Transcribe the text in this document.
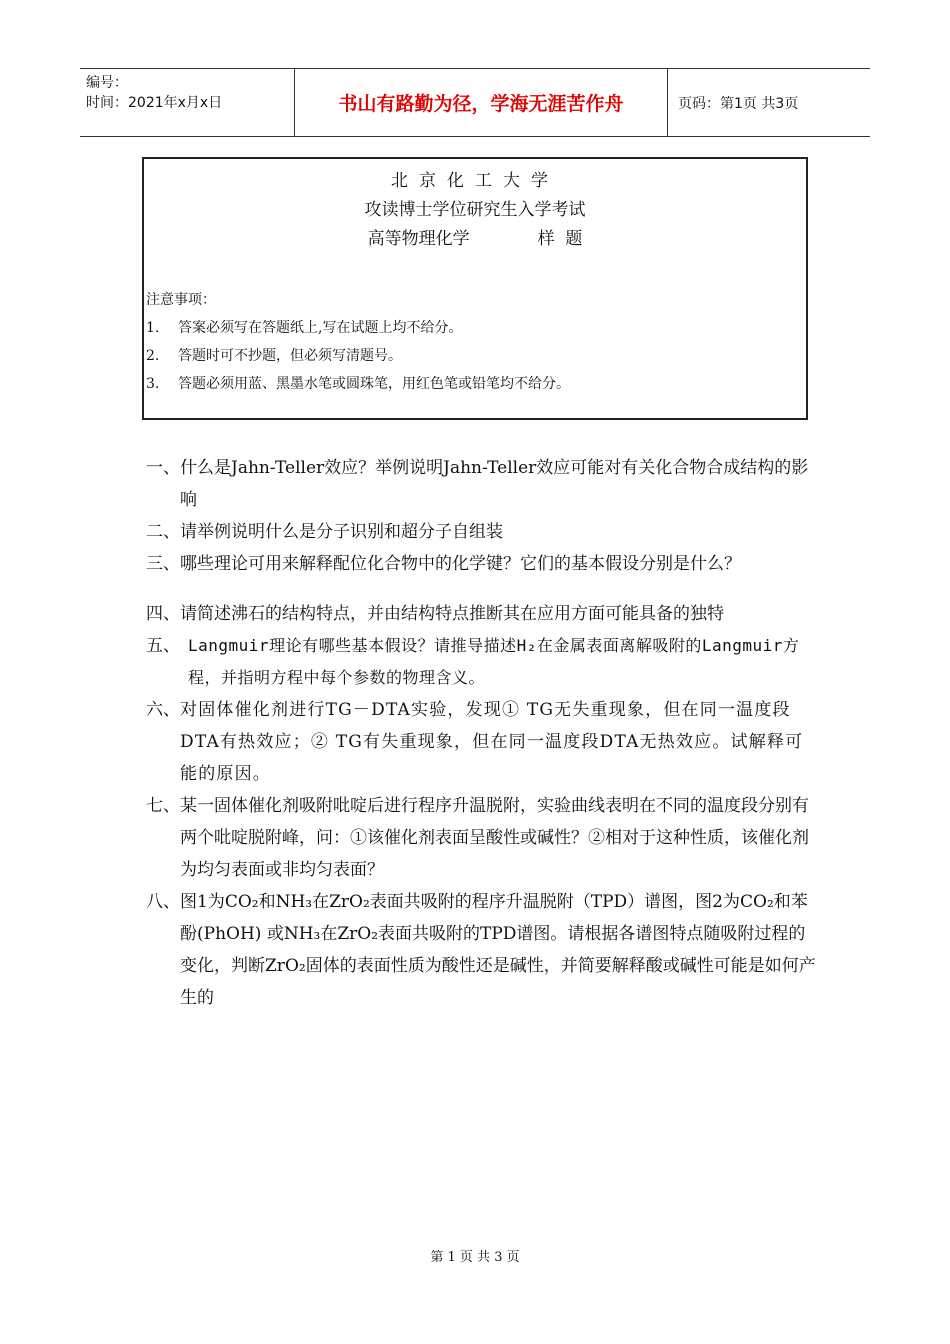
编号：
时间：2021年x月x日	书山有路勤为径，学海无涯苦作舟	页码：第1页 共3页
北京化工大学
攻读博士学位研究生入学考试
高等物理化学　　　　样  题
注意事项：
1.	答案必须写在答题纸上,写在试题上均不给分。
2.	答题时可不抄题，但必须写清题号。
3.	答题必须用蓝、黑墨水笔或圆珠笔，用红色笔或铅笔均不给分。
一、 什么是Jahn-Teller效应？举例说明Jahn-Teller效应可能对有关化合物合成结构的影响
二、 请举例说明什么是分子识别和超分子自组装
三、 哪些理论可用来解释配位化合物中的化学键？它们的基本假设分别是什么？
四、 请简述沸石的结构特点，并由结构特点推断其在应用方面可能具备的独特
五、 Langmuir理论有哪些基本假设？请推导描述H₂在金属表面离解吸附的Langmuir方程，并指明方程中每个参数的物理含义。
六、 对固体催化剂进行TG－DTA实验，发现① TG无失重现象，但在同一温度段DTA有热效应；② TG有失重现象，但在同一温度段DTA无热效应。试解释可能的原因。
七、 某一固体催化剂吸附吡啶后进行程序升温脱附，实验曲线表明在不同的温度段分别有两个吡啶脱附峰，问：①该催化剂表面呈酸性或碱性？②相对于这种性质，该催化剂为均匀表面或非均匀表面？
八、 图1为CO₂和NH₃在ZrO₂表面共吸附的程序升温脱附（TPD）谱图，图2为CO₂和苯酚(PhOH) 或NH₃在ZrO₂表面共吸附的TPD谱图。请根据各谱图特点随吸附过程的变化，判断ZrO₂固体的表面性质为酸性还是碱性，并简要解释酸或碱性可能是如何产生的
第 1 页 共 3 页
